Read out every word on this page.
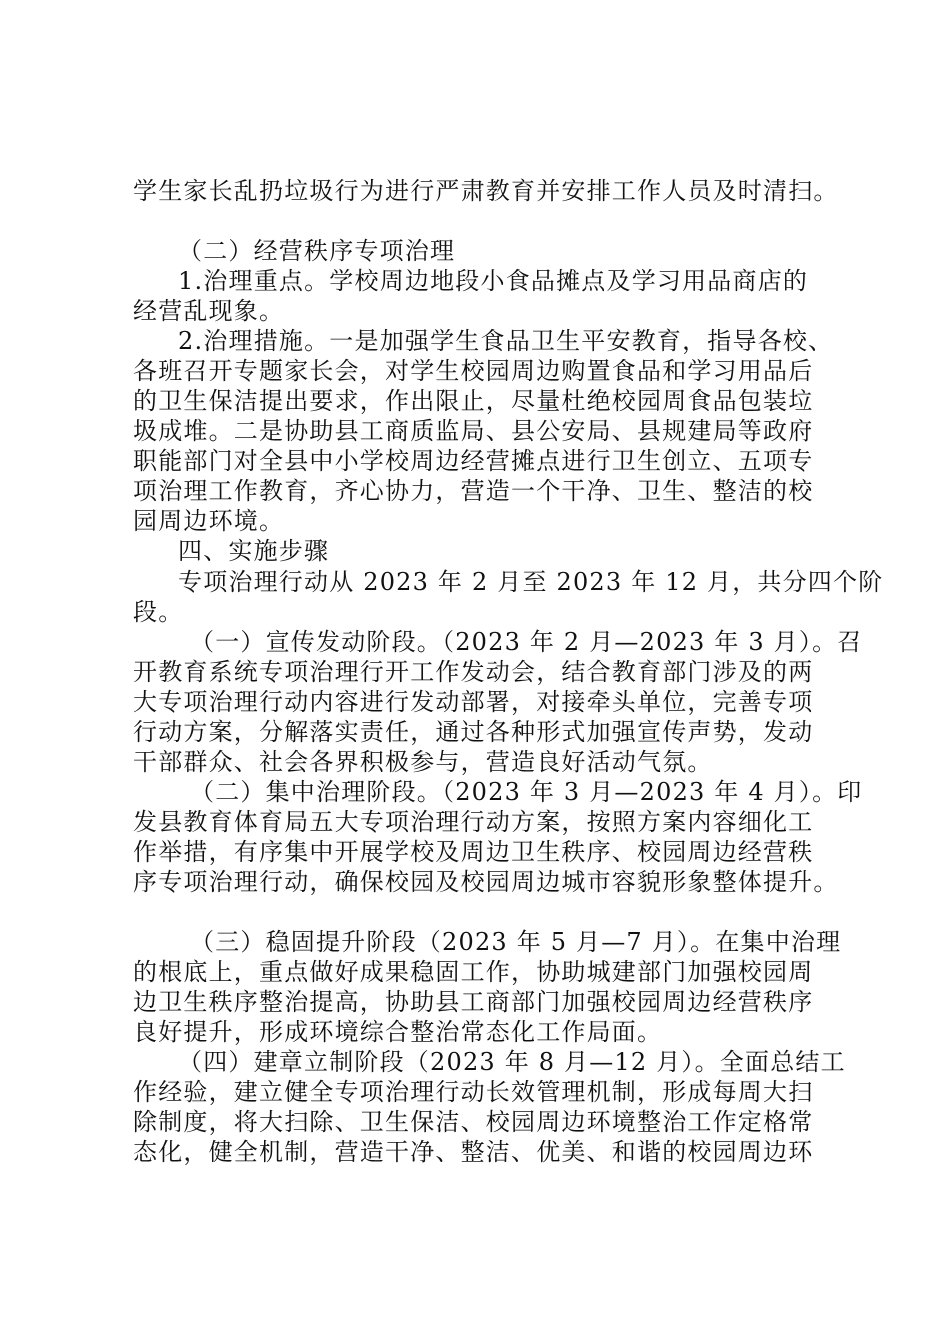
学生家长乱扔垃圾行为进行严肃教育并安排工作人员及时清扫。
（二）经营秩序专项治理
1.治理重点。学校周边地段小食品摊点及学习用品商店的
经营乱现象。
2.治理措施。一是加强学生食品卫生平安教育，指导各校、
各班召开专题家长会，对学生校园周边购置食品和学习用品后
的卫生保洁提出要求，作出限止，尽量杜绝校园周食品包装垃
圾成堆。二是协助县工商质监局、县公安局、县规建局等政府
职能部门对全县中小学校周边经营摊点进行卫生创立、五项专
项治理工作教育，齐心协力，营造一个干净、卫生、整洁的校
园周边环境。
四、实施步骤
专项治理行动从 2023 年 2 月至 2023 年 12 月，共分四个阶
段。
（一）宣传发动阶段。（2023 年 2 月—2023 年 3 月）。召
开教育系统专项治理行开工作发动会，结合教育部门涉及的两
大专项治理行动内容进行发动部署，对接牵头单位，完善专项
行动方案，分解落实责任，通过各种形式加强宣传声势，发动
干部群众、社会各界积极参与，营造良好活动气氛。
（二）集中治理阶段。（2023 年 3 月—2023 年 4 月）。印
发县教育体育局五大专项治理行动方案，按照方案内容细化工
作举措，有序集中开展学校及周边卫生秩序、校园周边经营秩
序专项治理行动，确保校园及校园周边城市容貌形象整体提升。
（三）稳固提升阶段（2023 年 5 月—7 月）。在集中治理
的根底上，重点做好成果稳固工作，协助城建部门加强校园周
边卫生秩序整治提高，协助县工商部门加强校园周边经营秩序
良好提升，形成环境综合整治常态化工作局面。
（四）建章立制阶段（2023 年 8 月—12 月）。全面总结工
作经验，建立健全专项治理行动长效管理机制，形成每周大扫
除制度，将大扫除、卫生保洁、校园周边环境整治工作定格常
态化，健全机制，营造干净、整洁、优美、和谐的校园周边环
